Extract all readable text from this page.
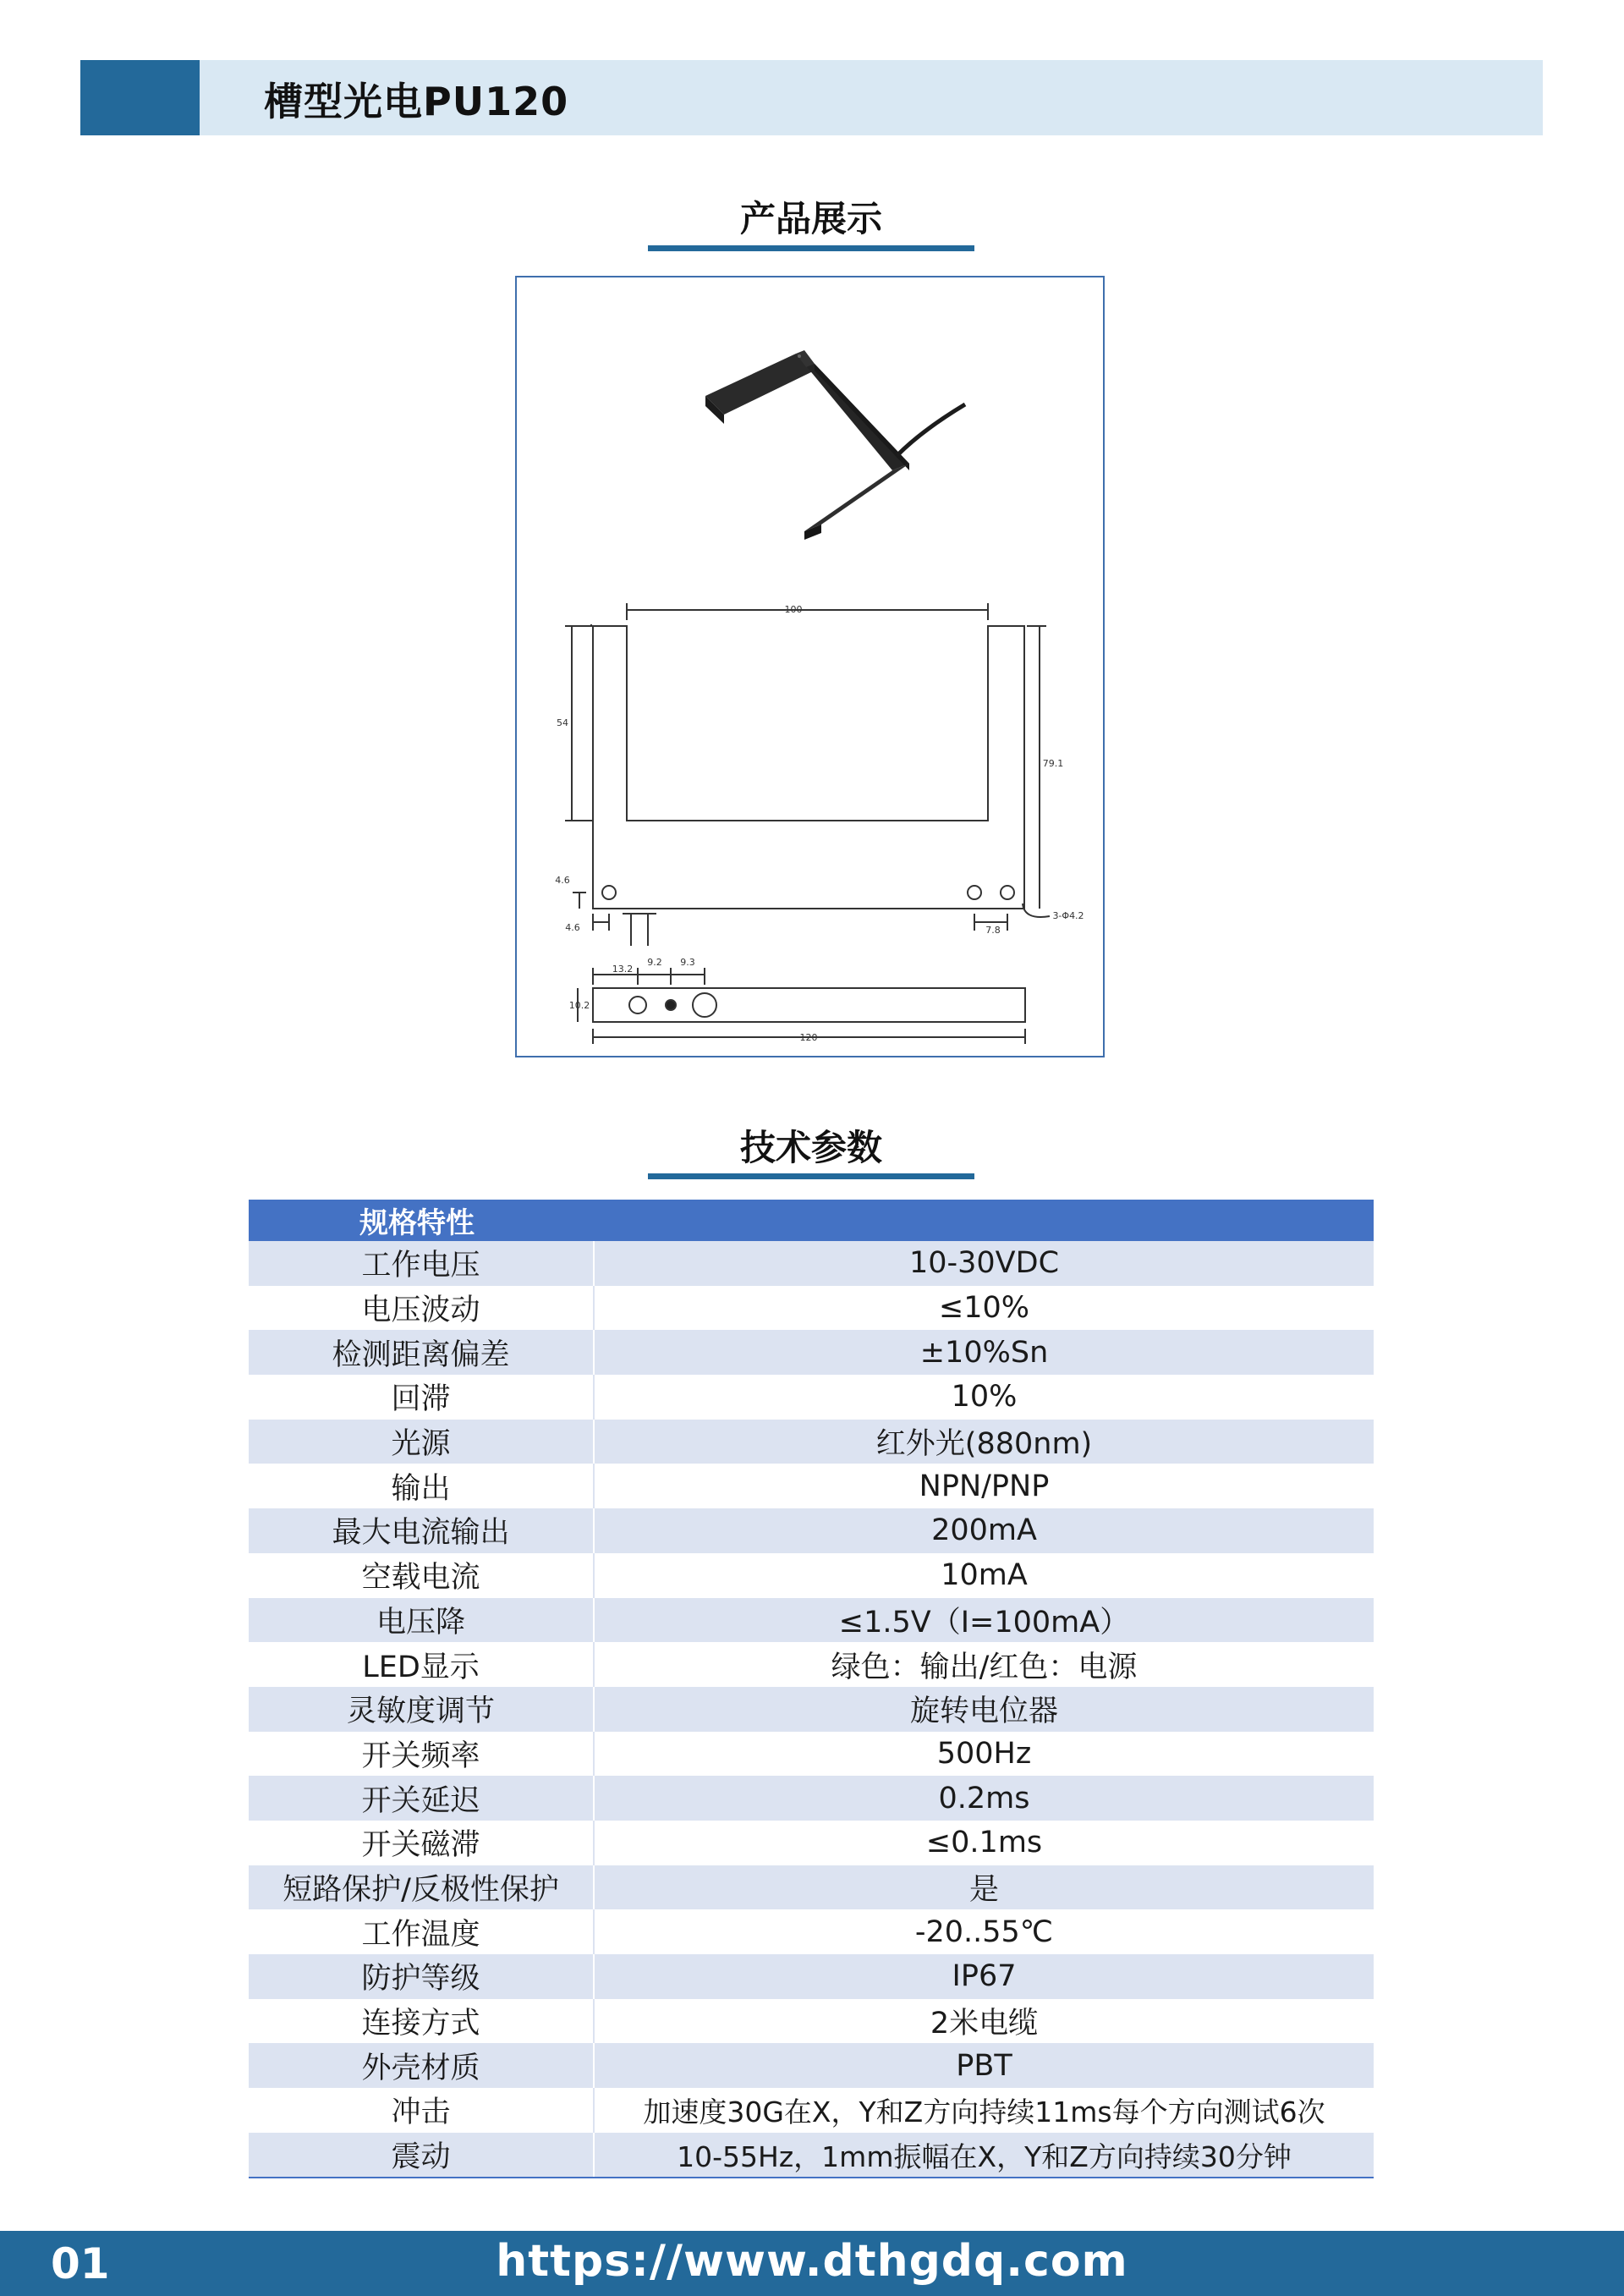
槽型光电PU120
产品展示
100
54
79.1
4.6
4.6	7.8
3-Φ4.2
13.2
9.2 9.3
10.2
120
技术参数
规格特性	
工作电压	10-30VDC
电压波动	≤10%
检测距离偏差	±10%Sn
回滞	10%
光源	红外光(880nm)
输出	NPN/PNP
最大电流输出	200mA
空载电流	10mA
电压降	≤1.5V（I=100mA）
LED显示	绿色：输出/红色：电源
灵敏度调节	旋转电位器
开关频率	500Hz
开关延迟	0.2ms
开关磁滞	≤0.1ms
短路保护/反极性保护	是
工作温度	-20..55℃
防护等级	IP67
连接方式	2米电缆
外壳材质	PBT
冲击	加速度30G在X，Y和Z方向持续11ms每个方向测试6次
震动	10-55Hz，1mm振幅在X，Y和Z方向持续30分钟
01	https://www.dthgdq.com
